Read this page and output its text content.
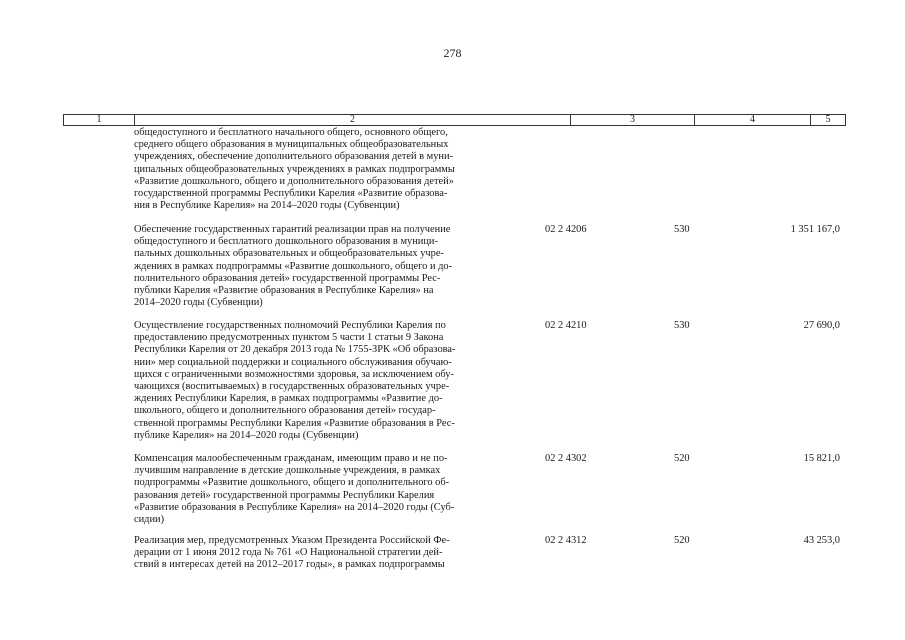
278
1	2	3	4	5
общедоступного и бесплатного начального общего, основного общего,
среднего общего образования в муниципальных общеобразовательных
учреждениях, обеспечение дополнительного образования детей в муни-
ципальных общеобразовательных учреждениях в рамках подпрограммы
«Развитие дошкольного, общего и дополнительного образования детей»
государственной программы Республики Карелия «Развитие образова-
ния в Республике Карелия» на 2014–2020 годы (Субвенции)
Обеспечение государственных гарантий реализации прав на получение
общедоступного и бесплатного дошкольного образования в муници-
пальных дошкольных образовательных и общеобразовательных учре-
ждениях в рамках подпрограммы «Развитие дошкольного, общего и до-
полнительного образования детей» государственной программы Рес-
публики Карелия «Развитие образования в Республике Карелия» на
2014–2020 годы (Субвенции)
02 2 4206	530	1 351 167,0
Осуществление государственных полномочий Республики Карелия по
предоставлению предусмотренных пунктом 5 части 1 статьи 9 Закона
Республики Карелия от 20 декабря 2013 года № 1755-ЗРК «Об образова-
нии» мер социальной поддержки и социального обслуживания обучаю-
щихся с ограниченными возможностями здоровья, за исключением обу-
чающихся (воспитываемых) в государственных образовательных учре-
ждениях Республики Карелия, в рамках подпрограммы «Развитие до-
школьного, общего и дополнительного образования детей» государ-
ственной программы Республики Карелия «Развитие образования в Рес-
публике Карелия» на 2014–2020 годы (Субвенции)
02 2 4210	530	27 690,0
Компенсация малообеспеченным гражданам, имеющим право и не по-
лучившим направление в детские дошкольные учреждения, в рамках
подпрограммы «Развитие дошкольного, общего и дополнительного об-
разования детей» государственной программы Республики Карелия
«Развитие образования в Республике Карелия» на 2014–2020 годы (Суб-
сидии)
02 2 4302	520	15 821,0
Реализация мер, предусмотренных Указом Президента Российской Фе-
дерации от 1 июня 2012 года № 761 «О Национальной стратегии дей-
ствий в интересах детей на 2012–2017 годы», в рамках подпрограммы
02 2 4312	520	43 253,0
